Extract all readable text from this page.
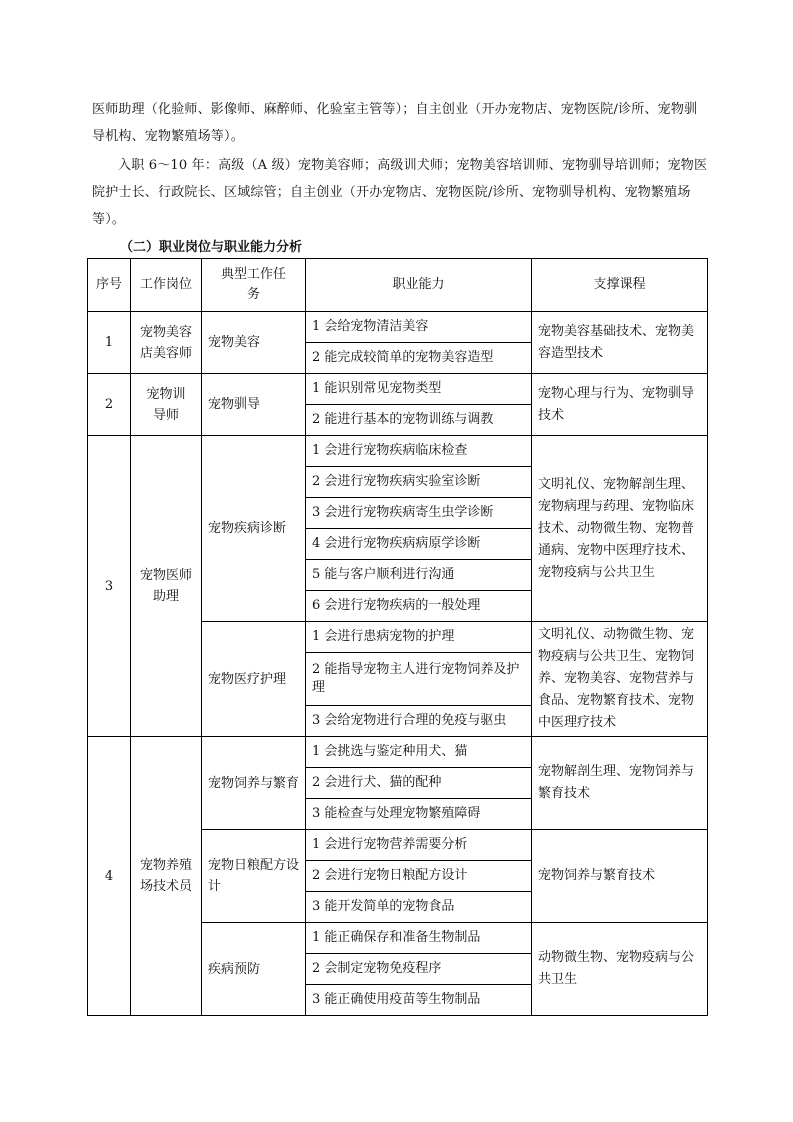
医师助理（化验师、影像师、麻醉师、化验室主管等）；自主创业（开办宠物店、宠物医院/诊所、宠物驯导机构、宠物繁殖场等）。
入职 6～10 年：高级（A 级）宠物美容师；高级训犬师；宠物美容培训师、宠物驯导培训师；宠物医院护士长、行政院长、区域综管；自主创业（开办宠物店、宠物医院/诊所、宠物驯导机构、宠物繁殖场等）。
（二）职业岗位与职业能力分析
序号	工作岗位	典型工作任务	职业能力	支撑课程
1	宠物美容店美容师	宠物美容	1 会给宠物清洁美容	宠物美容基础技术、宠物美容造型技术
			2 能完成较简单的宠物美容造型	
2	宠物训导师	宠物驯导	1 能识别常见宠物类型	宠物心理与行为、宠物驯导技术
			2 能进行基本的宠物训练与调教	
3	宠物医师助理	宠物疾病诊断	1 会进行宠物疾病临床检查	文明礼仪、宠物解剖生理、宠物病理与药理、宠物临床技术、动物微生物、宠物普通病、宠物中医理疗技术、宠物疫病与公共卫生
			2 会进行宠物疾病实验室诊断	
			3 会进行宠物疾病寄生虫学诊断	
			4 会进行宠物疾病病原学诊断	
			5 能与客户顺利进行沟通	
			6 会进行宠物疾病的一般处理	
		宠物医疗护理	1 会进行患病宠物的护理	文明礼仪、动物微生物、宠物疫病与公共卫生、宠物饲养、宠物美容、宠物营养与食品、宠物繁育技术、宠物中医理疗技术
			2 能指导宠物主人进行宠物饲养及护理	
			3 会给宠物进行合理的免疫与驱虫	
4	宠物养殖场技术员	宠物饲养与繁育	1 会挑选与鉴定种用犬、猫	宠物解剖生理、宠物饲养与繁育技术
			2 会进行犬、猫的配种	
			3 能检查与处理宠物繁殖障碍	
		宠物日粮配方设计	1 会进行宠物营养需要分析	宠物饲养与繁育技术
			2 会进行宠物日粮配方设计	
			3 能开发简单的宠物食品	
		疾病预防	1 能正确保存和准备生物制品	动物微生物、宠物疫病与公共卫生
			2 会制定宠物免疫程序	
			3 能正确使用疫苗等生物制品	
